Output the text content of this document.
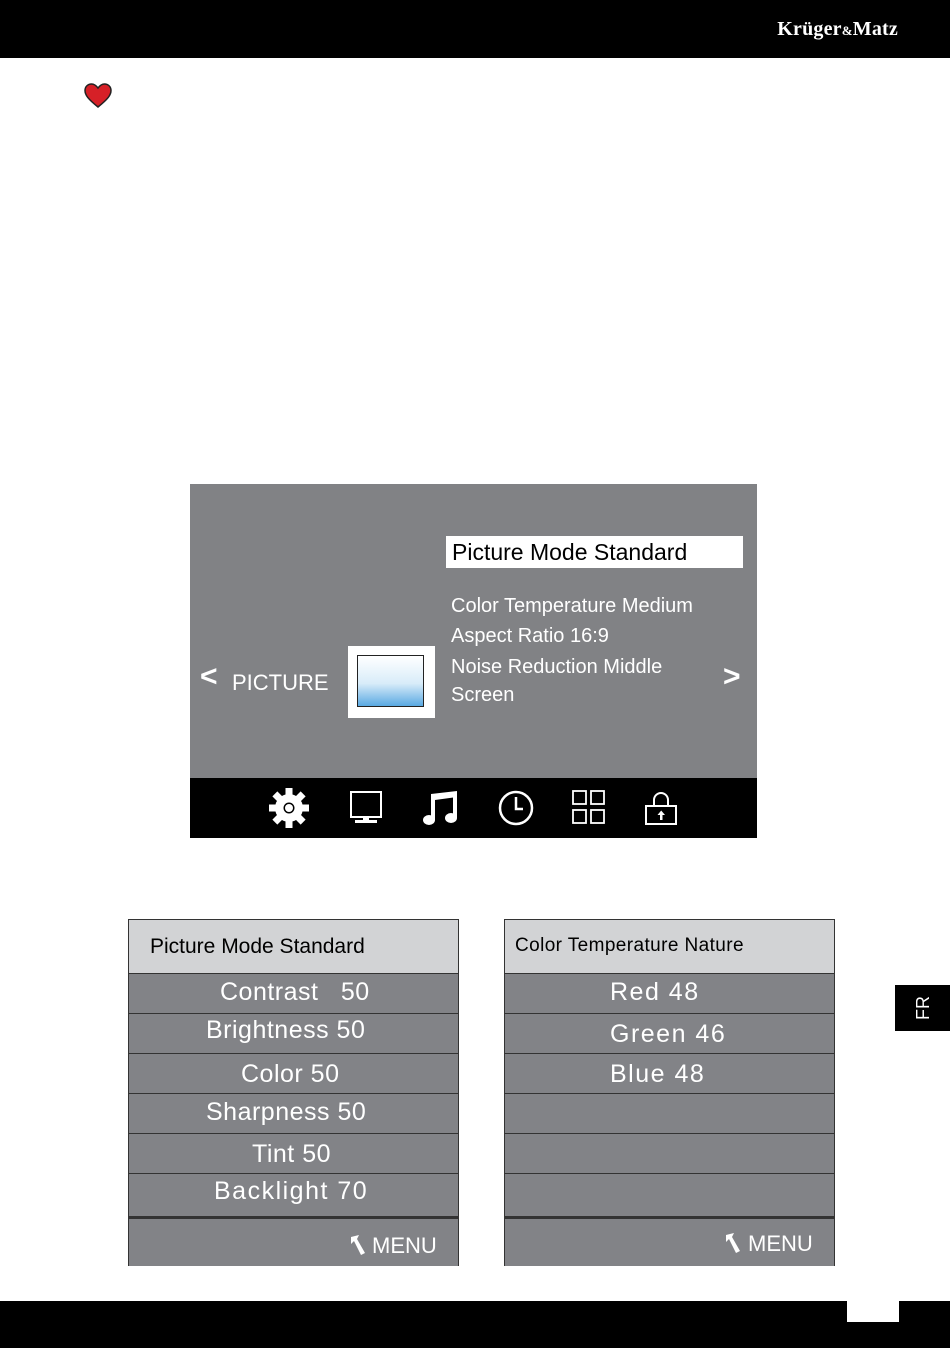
Krüger&Matz
Picture Mode Standard
Color Temperature Medium
Aspect Ratio 16:9
Noise Reduction Middle
Screen
< PICTURE	>
Picture Mode Standard
Contrast   50
Brightness 50
Color 50
Sharpness 50
Tint 50
Backlight 70
MENU
Color Temperature Nature
Red 48
Green 46
Blue 48
MENU
FR
